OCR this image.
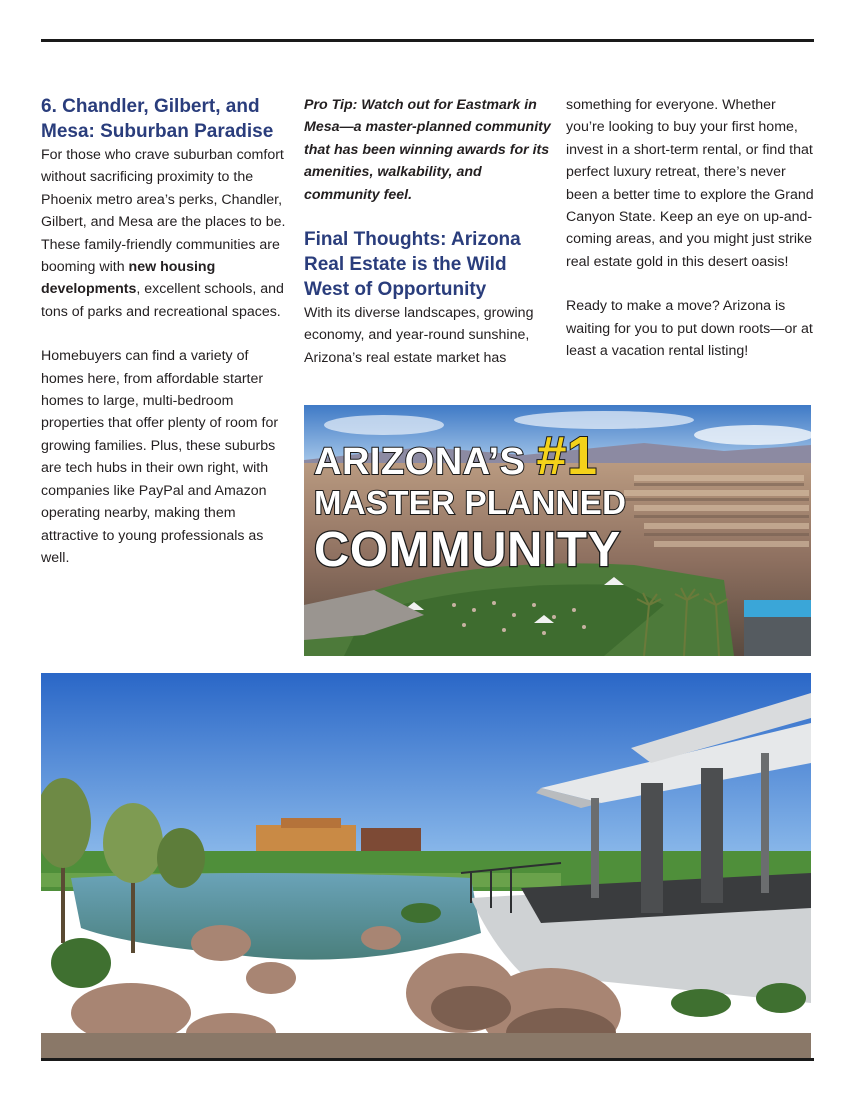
6. Chandler, Gilbert, and Mesa: Suburban Paradise

For those who crave suburban comfort without sacrificing proximity to the Phoenix metro area’s perks, Chandler, Gilbert, and Mesa are the places to be. These family-friendly communities are booming with new housing developments, excellent schools, and tons of parks and recreational spaces.

Homebuyers can find a variety of homes here, from affordable starter homes to large, multi-bedroom properties that offer plenty of room for growing families. Plus, these suburbs are tech hubs in their own right, with companies like PayPal and Amazon operating nearby, making them attractive to young professionals as well.

Pro Tip: Watch out for Eastmark in Mesa—a master-planned community that has been winning awards for its amenities, walkability, and community feel.

Final Thoughts: Arizona Real Estate is the Wild West of Opportunity

With its diverse landscapes, growing economy, and year-round sunshine, Arizona’s real estate market has

something for everyone. Whether you’re looking to buy your first home, invest in a short-term rental, or find that perfect luxury retreat, there’s never been a better time to explore the Grand Canyon State. Keep an eye on up-and-coming areas, and you might just strike real estate gold in this desert oasis!

Ready to make a move? Arizona is waiting for you to put down roots—or at least a vacation rental listing!

ARIZONA’S #1
MASTER PLANNED
COMMUNITY
